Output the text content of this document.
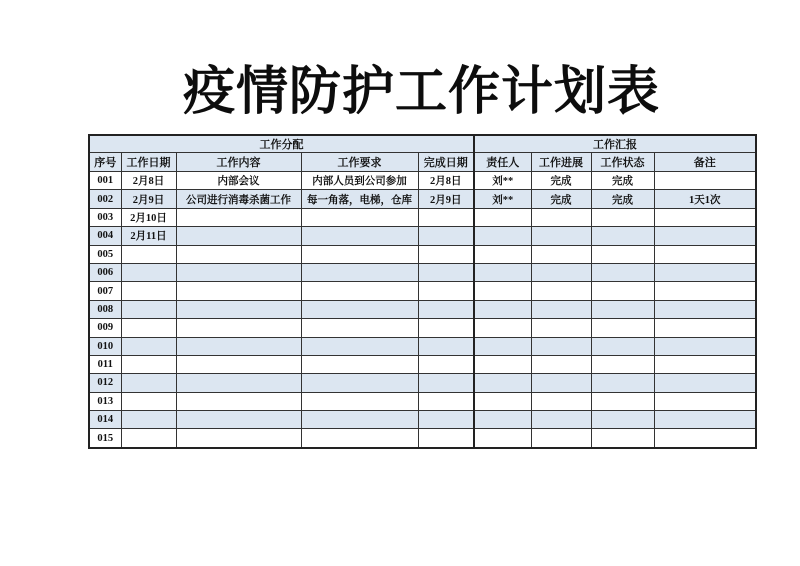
疫情防护工作计划表
工作分配					工作汇报			
序号	工作日期	工作内容	工作要求	完成日期	责任人	工作进展	工作状态	备注
001	2月8日	内部会议	内部人员到公司参加	2月8日	刘**	完成	完成	
002	2月9日	公司进行消毒杀菌工作	每一角落，电梯，仓库	2月9日	刘**	完成	完成	1天1次
003	2月10日							
004	2月11日							
005								
006								
007								
008								
009								
010								
011								
012								
013								
014								
015								
